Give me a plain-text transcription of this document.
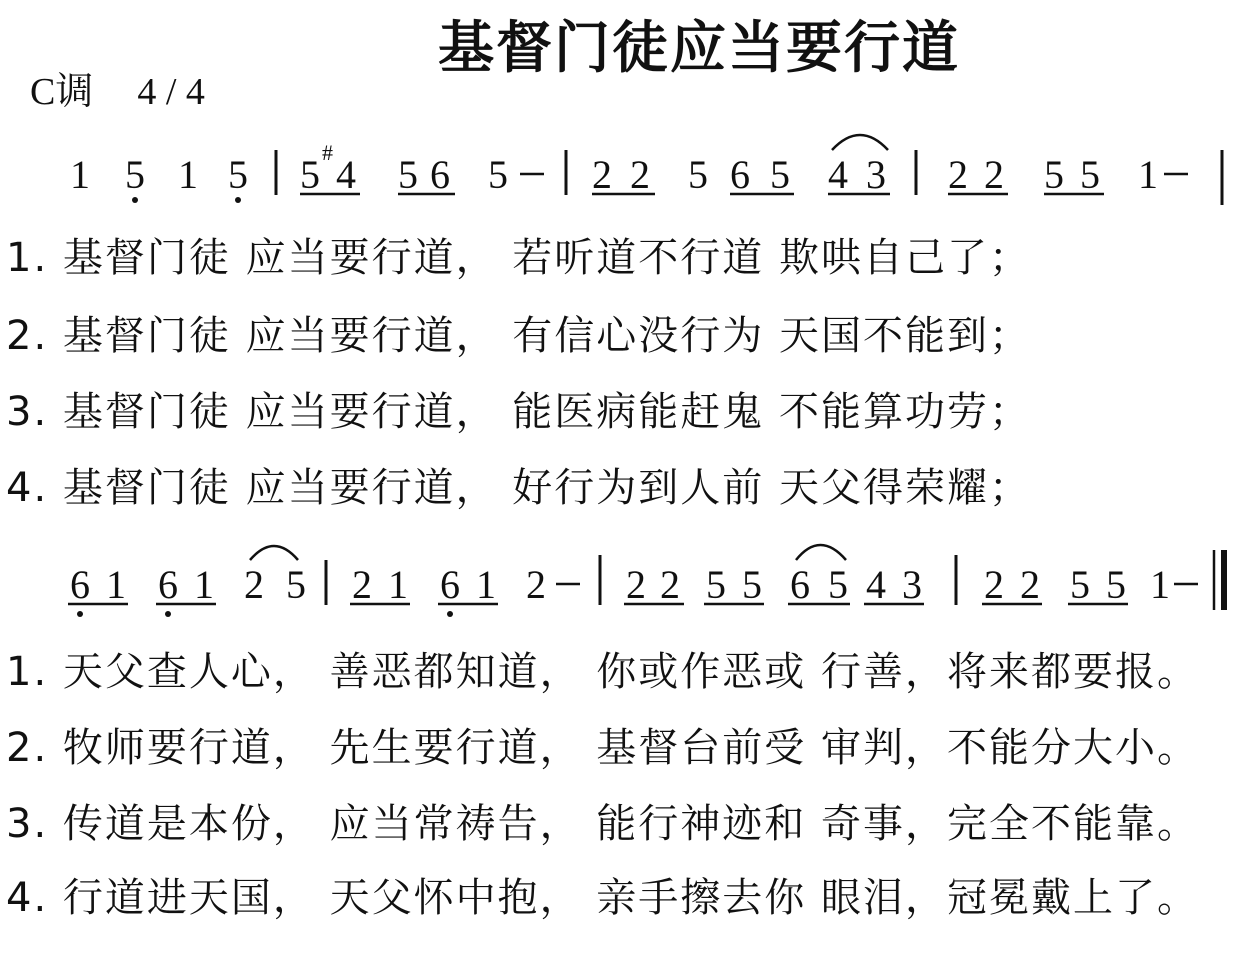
基督门徒应当要行道
C调 4 / 4
1 5 1 5 5 # 4 5 6 5 2 2 5 6 5 4 3 2 2 5 5 1
6 1 6 1 2 5 2 1 6 1 2 2 2 5 5 6 5 4 3 2 2 5 5 1
1. 基督门徒 应当要行道， 若听道不行道 欺哄自己了；
2. 基督门徒 应当要行道， 有信心没行为 天国不能到；
3. 基督门徒 应当要行道， 能医病能赶鬼 不能算功劳；
4. 基督门徒 应当要行道， 好行为到人前 天父得荣耀；
1. 天父查人心， 善恶都知道， 你或作恶或 行善，将来都要报。
2. 牧师要行道， 先生要行道， 基督台前受 审判，不能分大小。
3. 传道是本份， 应当常祷告， 能行神迹和 奇事，完全不能靠。
4. 行道进天国， 天父怀中抱， 亲手擦去你 眼泪，冠冕戴上了。
